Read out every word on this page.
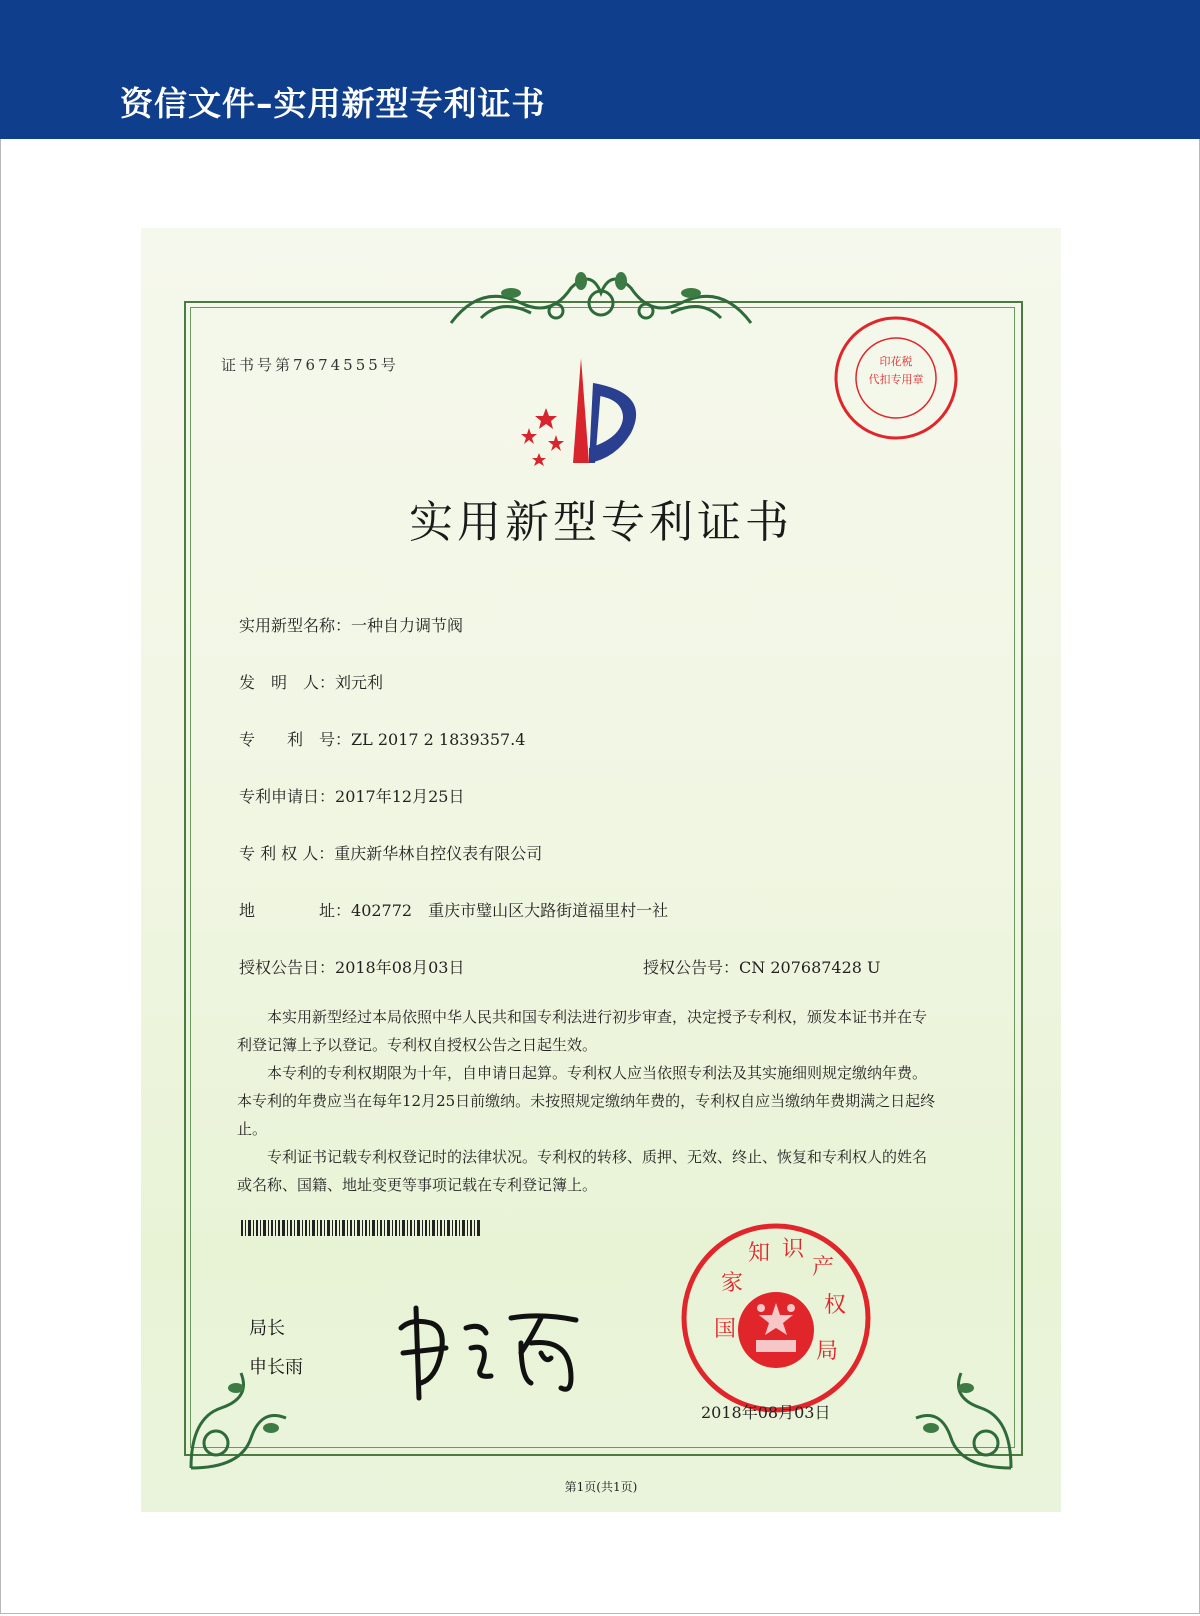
资信文件–实用新型专利证书
证书号第7674555号	印花税
代扣专用章
实用新型专利证书
实用新型名称：一种自力调节阀
发　明　人：刘元利
专　　利　号：ZL 2017 2 1839357.4
专利申请日：2017年12月25日
专 利 权 人：重庆新华林自控仪表有限公司
地　　　　址：402772　重庆市璧山区大路街道福里村一社
授权公告日：2018年08月03日	授权公告号：CN 207687428 U
本实用新型经过本局依照中华人民共和国专利法进行初步审查，决定授予专利权，颁发本证书并在专利登记簿上予以登记。专利权自授权公告之日起生效。
本专利的专利权期限为十年，自申请日起算。专利权人应当依照专利法及其实施细则规定缴纳年费。本专利的年费应当在每年12月25日前缴纳。未按照规定缴纳年费的，专利权自应当缴纳年费期满之日起终止。
专利证书记载专利权登记时的法律状况。专利权的转移、质押、无效、终止、恢复和专利权人的姓名或名称、国籍、地址变更等事项记载在专利登记簿上。
局长
申长雨
国
家
知 识
产
权
局
2018年08月03日
第1页(共1页)
